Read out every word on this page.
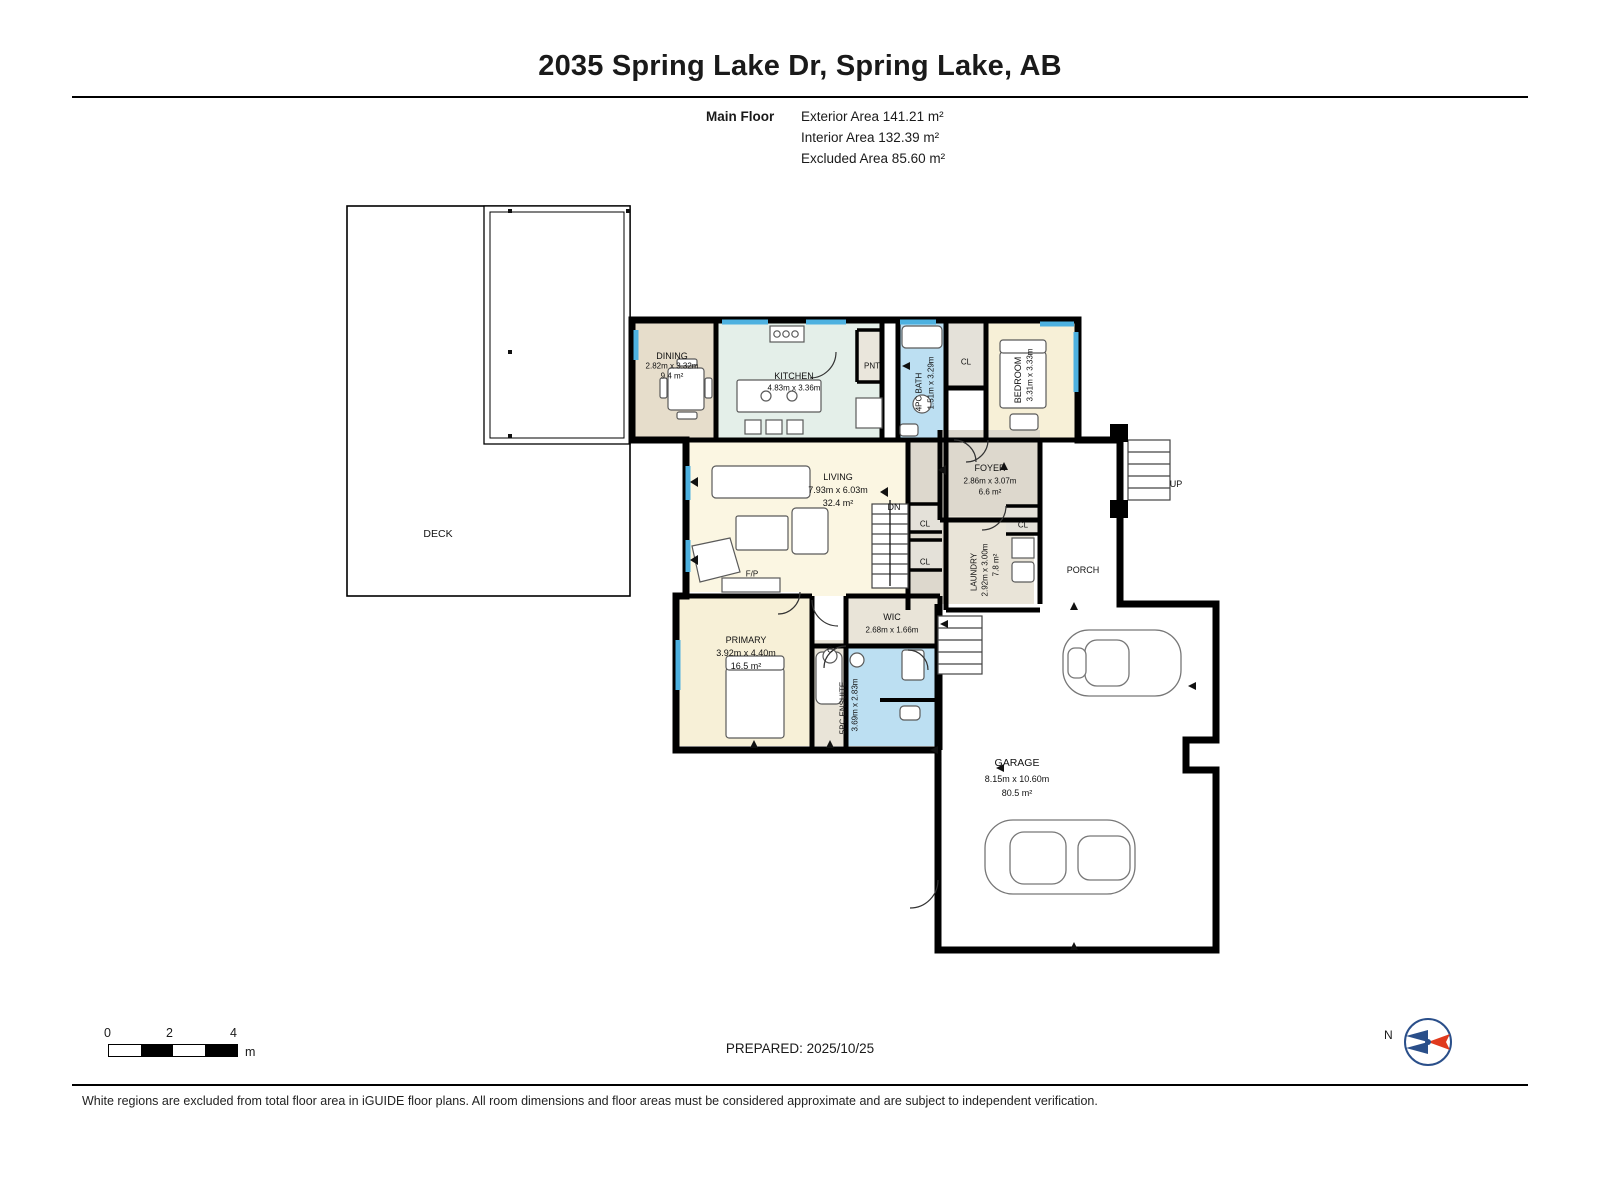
2035 Spring Lake Dr, Spring Lake, AB
Main Floor Exterior Area 141.21 m²
Interior Area 132.39 m²
Excluded Area 85.60 m²
DECK
DINING
2.82m x 3.32m
9.4 m²	KITCHEN
4.83m x 3.36m
PNT
4PC BATH 1.51m x 3.29m	CL	BEDROOM 3.31m x 3.33m
LIVING
7.93m x 6.03m
32.4 m²
FOYER
2.86m x 3.07m
6.6 m²
DN
UP
CL
CL
CL
LAUNDRY 2.92m x 3.00m 7.8 m²	PORCH
F/P
PRIMARY
3.92m x 4.40m
16.5 m²
C
WIC
2.68m x 1.66m
5PC ENSUITE 3.69m x 2.83m
GARAGE
8.15m x 10.60m
80.5 m²
0	2	4
m	PREPARED: 2025/10/25
N
White regions are excluded from total floor area in iGUIDE floor plans. All room dimensions and floor areas must be considered approximate and are subject to independent verification.
